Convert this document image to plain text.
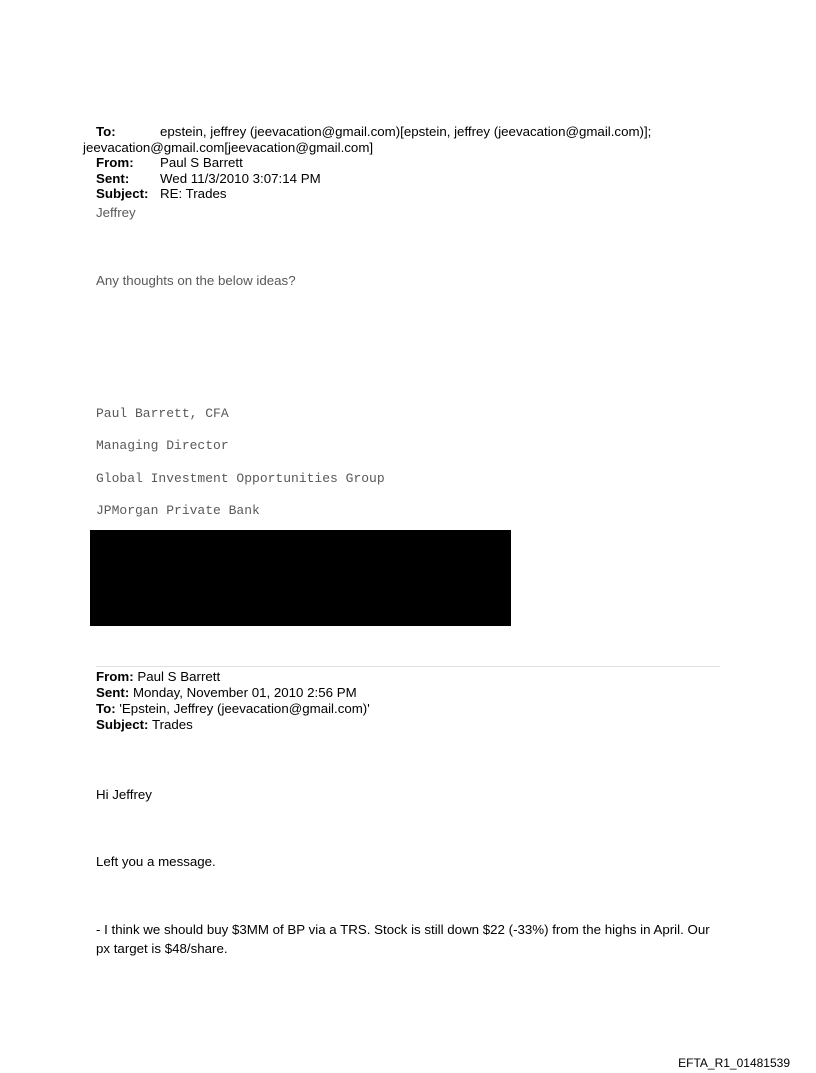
To:	epstein, jeffrey (jeevacation@gmail.com)[epstein, jeffrey (jeevacation@gmail.com)];
jeevacation@gmail.com[jeevacation@gmail.com]
From: Paul S Barrett
Sent: Wed 11/3/2010 3:07:14 PM
Subject: RE: Trades
Jeffrey
Any thoughts on the below ideas?
Paul Barrett, CFA
Managing Director
Global Investment Opportunities Group
JPMorgan Private Bank
From: Paul S Barrett
Sent: Monday, November 01, 2010 2:56 PM
To: 'Epstein, Jeffrey (jeevacation@gmail.com)'
Subject: Trades
Hi Jeffrey
Left you a message.
- I think we should buy $3MM of BP via a TRS. Stock is still down $22 (-33%) from the highs in April. Our px target is $48/share.
EFTA_R1_01481539
